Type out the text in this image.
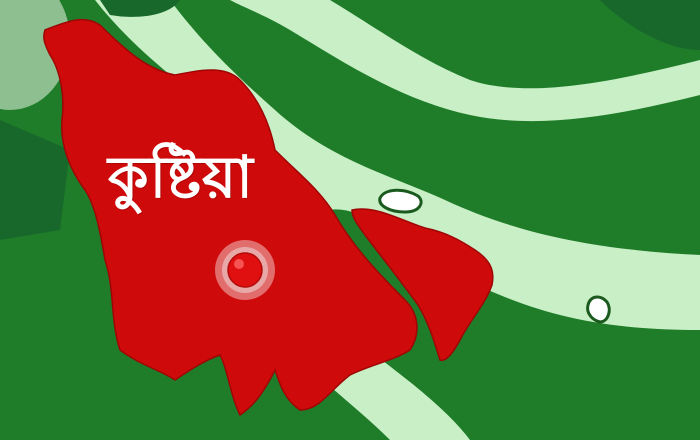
কুষ্টিয়া
